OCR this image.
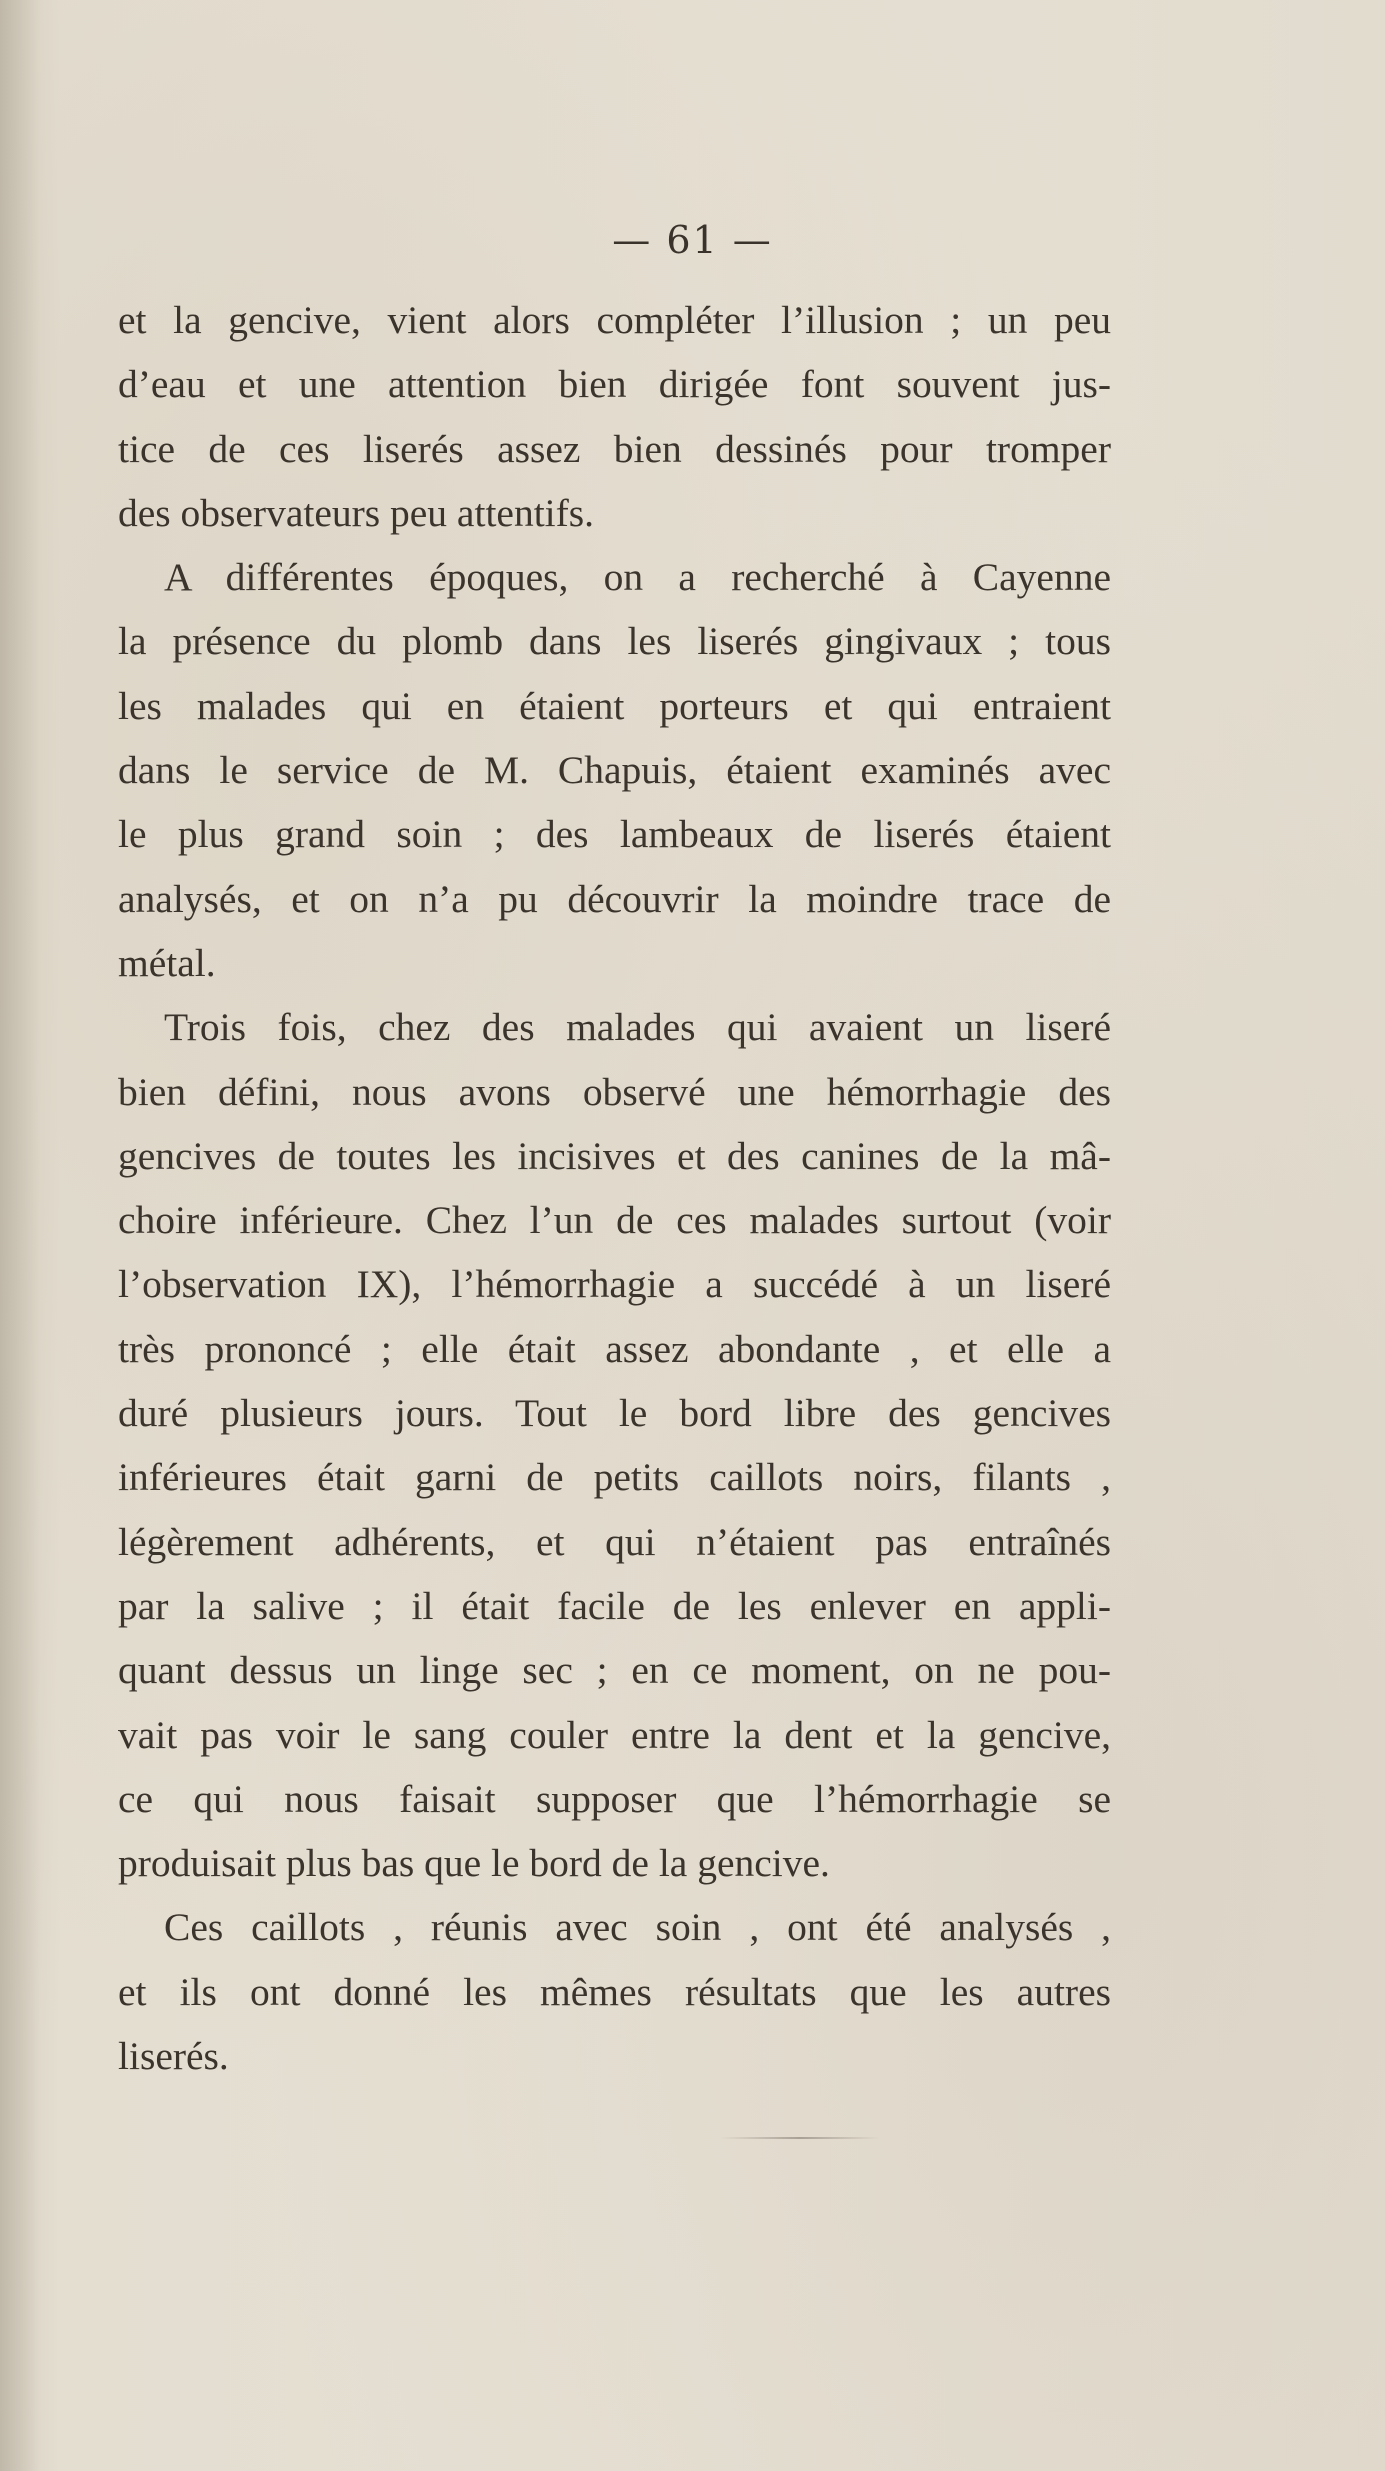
— 61 —
et la gencive, vient alors compléter l’illusion ; un peu
d’eau et une attention bien dirigée font souvent jus-
tice de ces liserés assez bien dessinés pour tromper
des observateurs peu attentifs.
A différentes époques, on a recherché à Cayenne
la présence du plomb dans les liserés gingivaux ; tous
les malades qui en étaient porteurs et qui entraient
dans le service de M. Chapuis, étaient examinés avec
le plus grand soin ; des lambeaux de liserés étaient
analysés, et on n’a pu découvrir la moindre trace de
métal.
Trois fois, chez des malades qui avaient un liseré
bien défini, nous avons observé une hémorrhagie des
gencives de toutes les incisives et des canines de la mâ-
choire inférieure. Chez l’un de ces malades surtout (voir
l’observation IX), l’hémorrhagie a succédé à un liseré
très prononcé ; elle était assez abondante , et elle a
duré plusieurs jours. Tout le bord libre des gencives
inférieures était garni de petits caillots noirs, filants ,
légèrement adhérents, et qui n’étaient pas entraînés
par la salive ; il était facile de les enlever en appli-
quant dessus un linge sec ; en ce moment, on ne pou-
vait pas voir le sang couler entre la dent et la gencive,
ce qui nous faisait supposer que l’hémorrhagie se
produisait plus bas que le bord de la gencive.
Ces caillots , réunis avec soin , ont été analysés ,
et ils ont donné les mêmes résultats que les autres
liserés.
